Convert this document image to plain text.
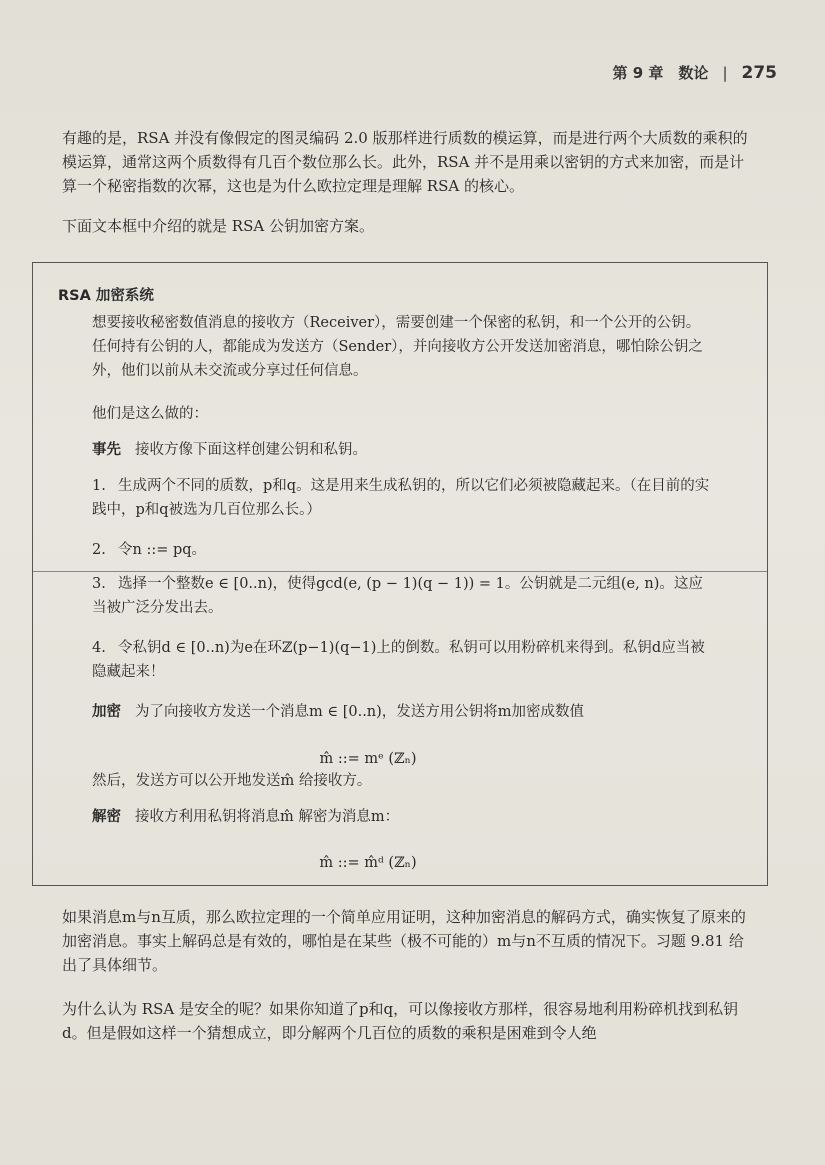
第 9 章　数论 | 275

有趣的是，RSA 并没有像假定的图灵编码 2.0 版那样进行质数的模运算，而是进行两个大质数的乘积的模运算，通常这两个质数得有几百个数位那么长。此外，RSA 并不是用乘以密钥的方式来加密，而是计算一个秘密指数的次幂，这也是为什么欧拉定理是理解 RSA 的核心。

下面文本框中介绍的就是 RSA 公钥加密方案。

RSA 加密系统

想要接收秘密数值消息的接收方（Receiver），需要创建一个保密的私钥，和一个公开的公钥。任何持有公钥的人，都能成为发送方（Sender），并向接收方公开发送加密消息，哪怕除公钥之外，他们以前从未交流或分享过任何信息。

他们是这么做的：

事先 接收方像下面这样创建公钥和私钥。

1. 生成两个不同的质数，p和q。这是用来生成私钥的，所以它们必须被隐藏起来。（在目前的实践中，p和q被选为几百位那么长。）

2. 令n ::= pq。

3. 选择一个整数e ∈ [0..n)，使得gcd(e, (p − 1)(q − 1)) = 1。公钥就是二元组(e, n)。这应当被广泛分发出去。

4. 令私钥d ∈ [0..n)为e在环ℤ(p−1)(q−1)上的倒数。私钥可以用粉碎机来得到。私钥d应当被隐藏起来！

加密 为了向接收方发送一个消息m ∈ [0..n)，发送方用公钥将m加密成数值

m̂ ::= mᵉ (ℤₙ)

然后，发送方可以公开地发送m̂ 给接收方。

解密 接收方利用私钥将消息m̂ 解密为消息m：

m̂ ::= m̂ᵈ (ℤₙ)

如果消息m与n互质，那么欧拉定理的一个简单应用证明，这种加密消息的解码方式，确实恢复了原来的加密消息。事实上解码总是有效的，哪怕是在某些（极不可能的）m与n不互质的情况下。习题 9.81 给出了具体细节。

为什么认为 RSA 是安全的呢？如果你知道了p和q，可以像接收方那样，很容易地利用粉碎机找到私钥d。但是假如这样一个猜想成立，即分解两个几百位的质数的乘积是困难到令人绝
